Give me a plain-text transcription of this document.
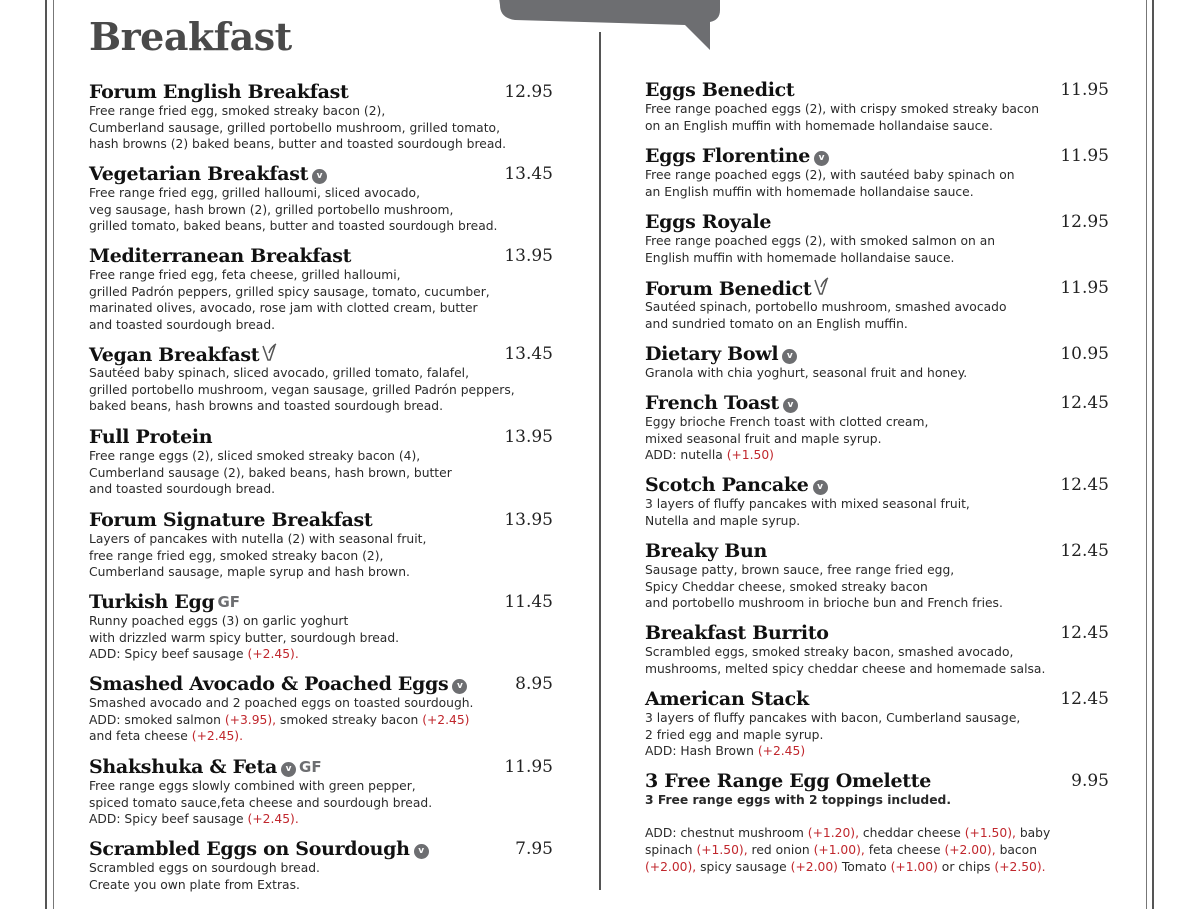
Breakfast
Forum English Breakfast	12.95
Free range fried egg, smoked streaky bacon (2),
Cumberland sausage, grilled portobello mushroom, grilled tomato,
hash browns (2) baked beans, butter and toasted sourdough bread.
Vegetarian Breakfast v	13.45
Free range fried egg, grilled halloumi, sliced avocado,
veg sausage, hash brown (2), grilled portobello mushroom,
grilled tomato, baked beans, butter and toasted sourdough bread.
Mediterranean Breakfast	13.95
Free range fried egg, feta cheese, grilled halloumi,
grilled Padrón peppers, grilled spicy sausage, tomato, cucumber,
marinated olives, avocado, rose jam with clotted cream, butter
and toasted sourdough bread.
Vegan Breakfast	13.45
Sautéed baby spinach, sliced avocado, grilled tomato, falafel,
grilled portobello mushroom, vegan sausage, grilled Padrón peppers,
baked beans, hash browns and toasted sourdough bread.
Full Protein	13.95
Free range eggs (2), sliced smoked streaky bacon (4),
Cumberland sausage (2), baked beans, hash brown, butter
and toasted sourdough bread.
Forum Signature Breakfast	13.95
Layers of pancakes with nutella (2) with seasonal fruit,
free range fried egg, smoked streaky bacon (2),
Cumberland sausage, maple syrup and hash brown.
Turkish Egg GF	11.45
Runny poached eggs (3) on garlic yoghurt
with drizzled warm spicy butter, sourdough bread.
ADD: Spicy beef sausage (+2.45).
Smashed Avocado & Poached Eggs v	8.95
Smashed avocado and 2 poached eggs on toasted sourdough.
ADD: smoked salmon (+3.95), smoked streaky bacon (+2.45)
and feta cheese (+2.45).
Shakshuka & Feta v GF	11.95
Free range eggs slowly combined with green pepper,
spiced tomato sauce,feta cheese and sourdough bread.
ADD: Spicy beef sausage (+2.45).
Scrambled Eggs on Sourdough v	7.95
Scrambled eggs on sourdough bread.
Create you own plate from Extras.
Eggs Benedict	11.95
Free range poached eggs (2), with crispy smoked streaky bacon
on an English muffin with homemade hollandaise sauce.
Eggs Florentine v	11.95
Free range poached eggs (2), with sautéed baby spinach on
an English muffin with homemade hollandaise sauce.
Eggs Royale	12.95
Free range poached eggs (2), with smoked salmon on an
English muffin with homemade hollandaise sauce.
Forum Benedict	11.95
Sautéed spinach, portobello mushroom, smashed avocado
and sundried tomato on an English muffin.
Dietary Bowl v	10.95
Granola with chia yoghurt, seasonal fruit and honey.
French Toast v	12.45
Eggy brioche French toast with clotted cream,
mixed seasonal fruit and maple syrup.
ADD: nutella (+1.50)
Scotch Pancake v	12.45
3 layers of fluffy pancakes with mixed seasonal fruit,
Nutella and maple syrup.
Breaky Bun	12.45
Sausage patty, brown sauce, free range fried egg,
Spicy Cheddar cheese, smoked streaky bacon
and portobello mushroom in brioche bun and French fries.
Breakfast Burrito	12.45
Scrambled eggs, smoked streaky bacon, smashed avocado,
mushrooms, melted spicy cheddar cheese and homemade salsa.
American Stack	12.45
3 layers of fluffy pancakes with bacon, Cumberland sausage,
2 fried egg and maple syrup.
ADD: Hash Brown (+2.45)
3 Free Range Egg Omelette	9.95
3 Free range eggs with 2 toppings included.
ADD: chestnut mushroom (+1.20), cheddar cheese (+1.50), baby spinach (+1.50), red onion (+1.00), feta cheese (+2.00), bacon (+2.00), spicy sausage (+2.00) Tomato (+1.00) or chips (+2.50).
